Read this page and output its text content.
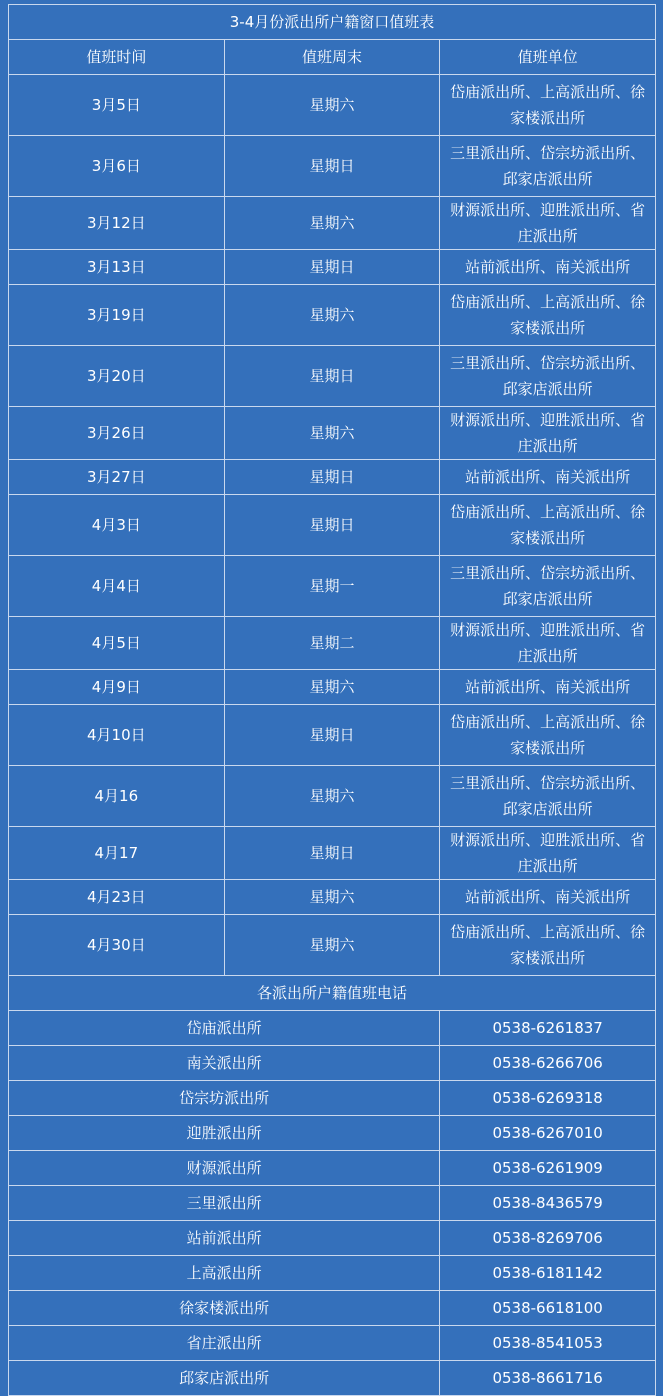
3-4月份派出所户籍窗口值班表		
值班时间	值班周末	值班单位
3月5日	星期六	岱庙派出所、上高派出所、徐家楼派出所
3月6日	星期日	三里派出所、岱宗坊派出所、邱家店派出所
3月12日	星期六	财源派出所、迎胜派出所、省庄派出所
3月13日	星期日	站前派出所、南关派出所
3月19日	星期六	岱庙派出所、上高派出所、徐家楼派出所
3月20日	星期日	三里派出所、岱宗坊派出所、邱家店派出所
3月26日	星期六	财源派出所、迎胜派出所、省庄派出所
3月27日	星期日	站前派出所、南关派出所
4月3日	星期日	岱庙派出所、上高派出所、徐家楼派出所
4月4日	星期一	三里派出所、岱宗坊派出所、邱家店派出所
4月5日	星期二	财源派出所、迎胜派出所、省庄派出所
4月9日	星期六	站前派出所、南关派出所
4月10日	星期日	岱庙派出所、上高派出所、徐家楼派出所
4月16	星期六	三里派出所、岱宗坊派出所、邱家店派出所
4月17	星期日	财源派出所、迎胜派出所、省庄派出所
4月23日	星期六	站前派出所、南关派出所
4月30日	星期六	岱庙派出所、上高派出所、徐家楼派出所
各派出所户籍值班电话		
岱庙派出所		0538-6261837
南关派出所		0538-6266706
岱宗坊派出所		0538-6269318
迎胜派出所		0538-6267010
财源派出所		0538-6261909
三里派出所		0538-8436579
站前派出所		0538-8269706
上高派出所		0538-6181142
徐家楼派出所		0538-6618100
省庄派出所		0538-8541053
邱家店派出所		0538-8661716
